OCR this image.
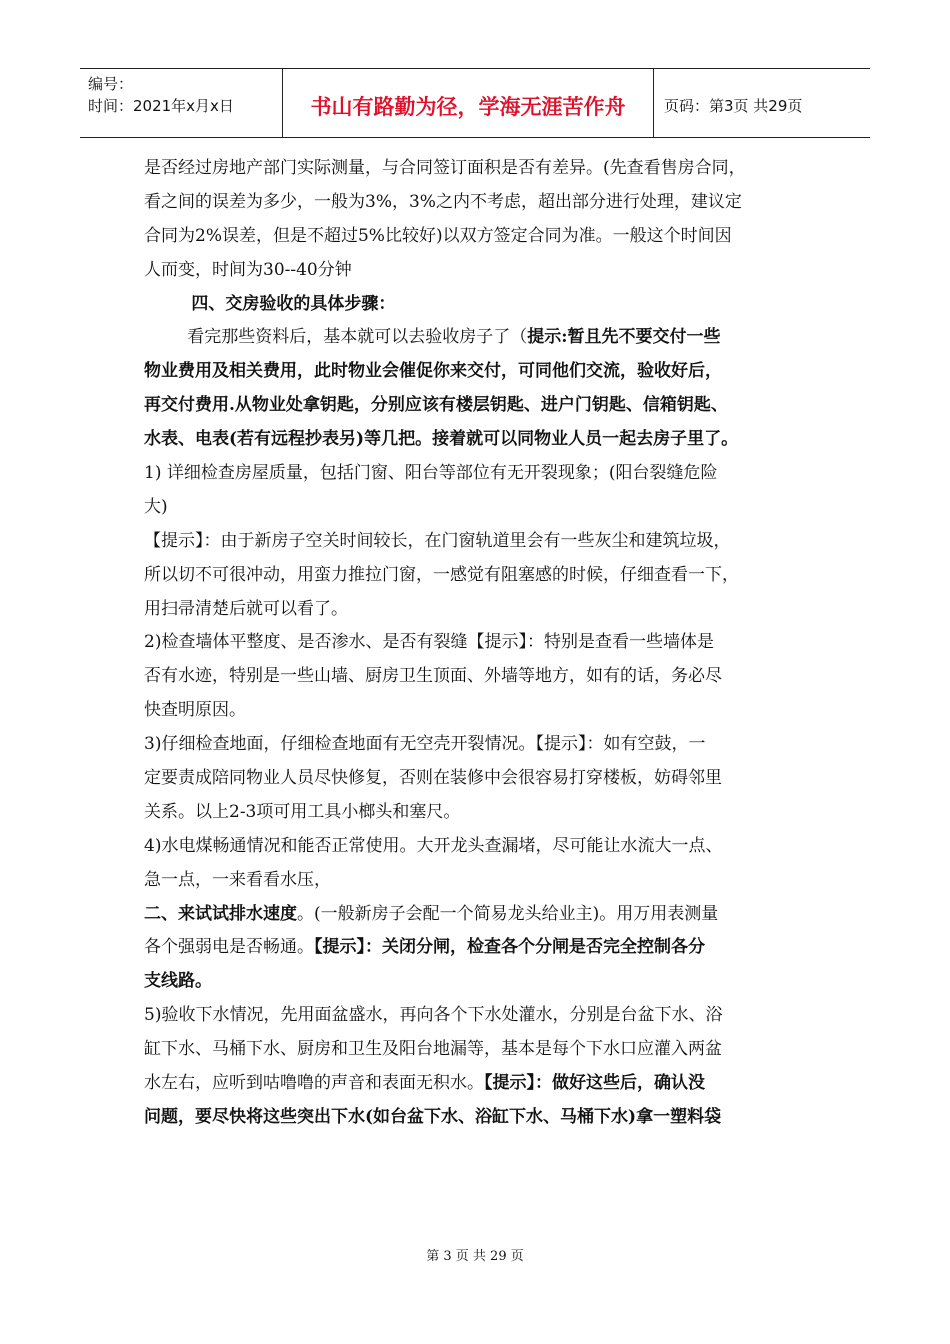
编号：
时间：2021年x月x日	书山有路勤为径，学海无涯苦作舟	页码：第3页 共29页
是否经过房地产部门实际测量，与合同签订面积是否有差异。(先查看售房合同，
看之间的误差为多少，一般为3%，3%之内不考虑，超出部分进行处理，建议定
合同为2%误差，但是不超过5%比较好)以双方签定合同为准。一般这个时间因
人而变，时间为30--40分钟
四、交房验收的具体步骤：
看完那些资料后，基本就可以去验收房子了（提示:暂且先不要交付一些
物业费用及相关费用，此时物业会催促你来交付，可同他们交流，验收好后，
再交付费用.从物业处拿钥匙，分别应该有楼层钥匙、进户门钥匙、信箱钥匙、
水表、电表(若有远程抄表另)等几把。接着就可以同物业人员一起去房子里了。
1) 详细检查房屋质量，包括门窗、阳台等部位有无开裂现象；(阳台裂缝危险
大)
【提示】：由于新房子空关时间较长，在门窗轨道里会有一些灰尘和建筑垃圾，
所以切不可很冲动，用蛮力推拉门窗，一感觉有阻塞感的时候，仔细查看一下，
用扫帚清楚后就可以看了。
2)检查墙体平整度、是否渗水、是否有裂缝【提示】：特别是查看一些墙体是
否有水迹，特别是一些山墙、厨房卫生顶面、外墙等地方，如有的话，务必尽
快查明原因。
3)仔细检查地面，仔细检查地面有无空壳开裂情况。【提示】：如有空鼓，一
定要责成陪同物业人员尽快修复，否则在装修中会很容易打穿楼板，妨碍邻里
关系。以上2-3项可用工具小榔头和塞尺。
4)水电煤畅通情况和能否正常使用。大开龙头查漏堵，尽可能让水流大一点、
急一点，一来看看水压，
二、来试试排水速度。(一般新房子会配一个简易龙头给业主)。用万用表测量
各个强弱电是否畅通。【提示】：关闭分闸，检查各个分闸是否完全控制各分
支线路。
5)验收下水情况，先用面盆盛水，再向各个下水处灌水，分别是台盆下水、浴
缸下水、马桶下水、厨房和卫生及阳台地漏等，基本是每个下水口应灌入两盆
水左右，应听到咕噜噜的声音和表面无积水。【提示】：做好这些后，确认没
问题，要尽快将这些突出下水(如台盆下水、浴缸下水、马桶下水)拿一塑料袋
第 3 页 共 29 页
